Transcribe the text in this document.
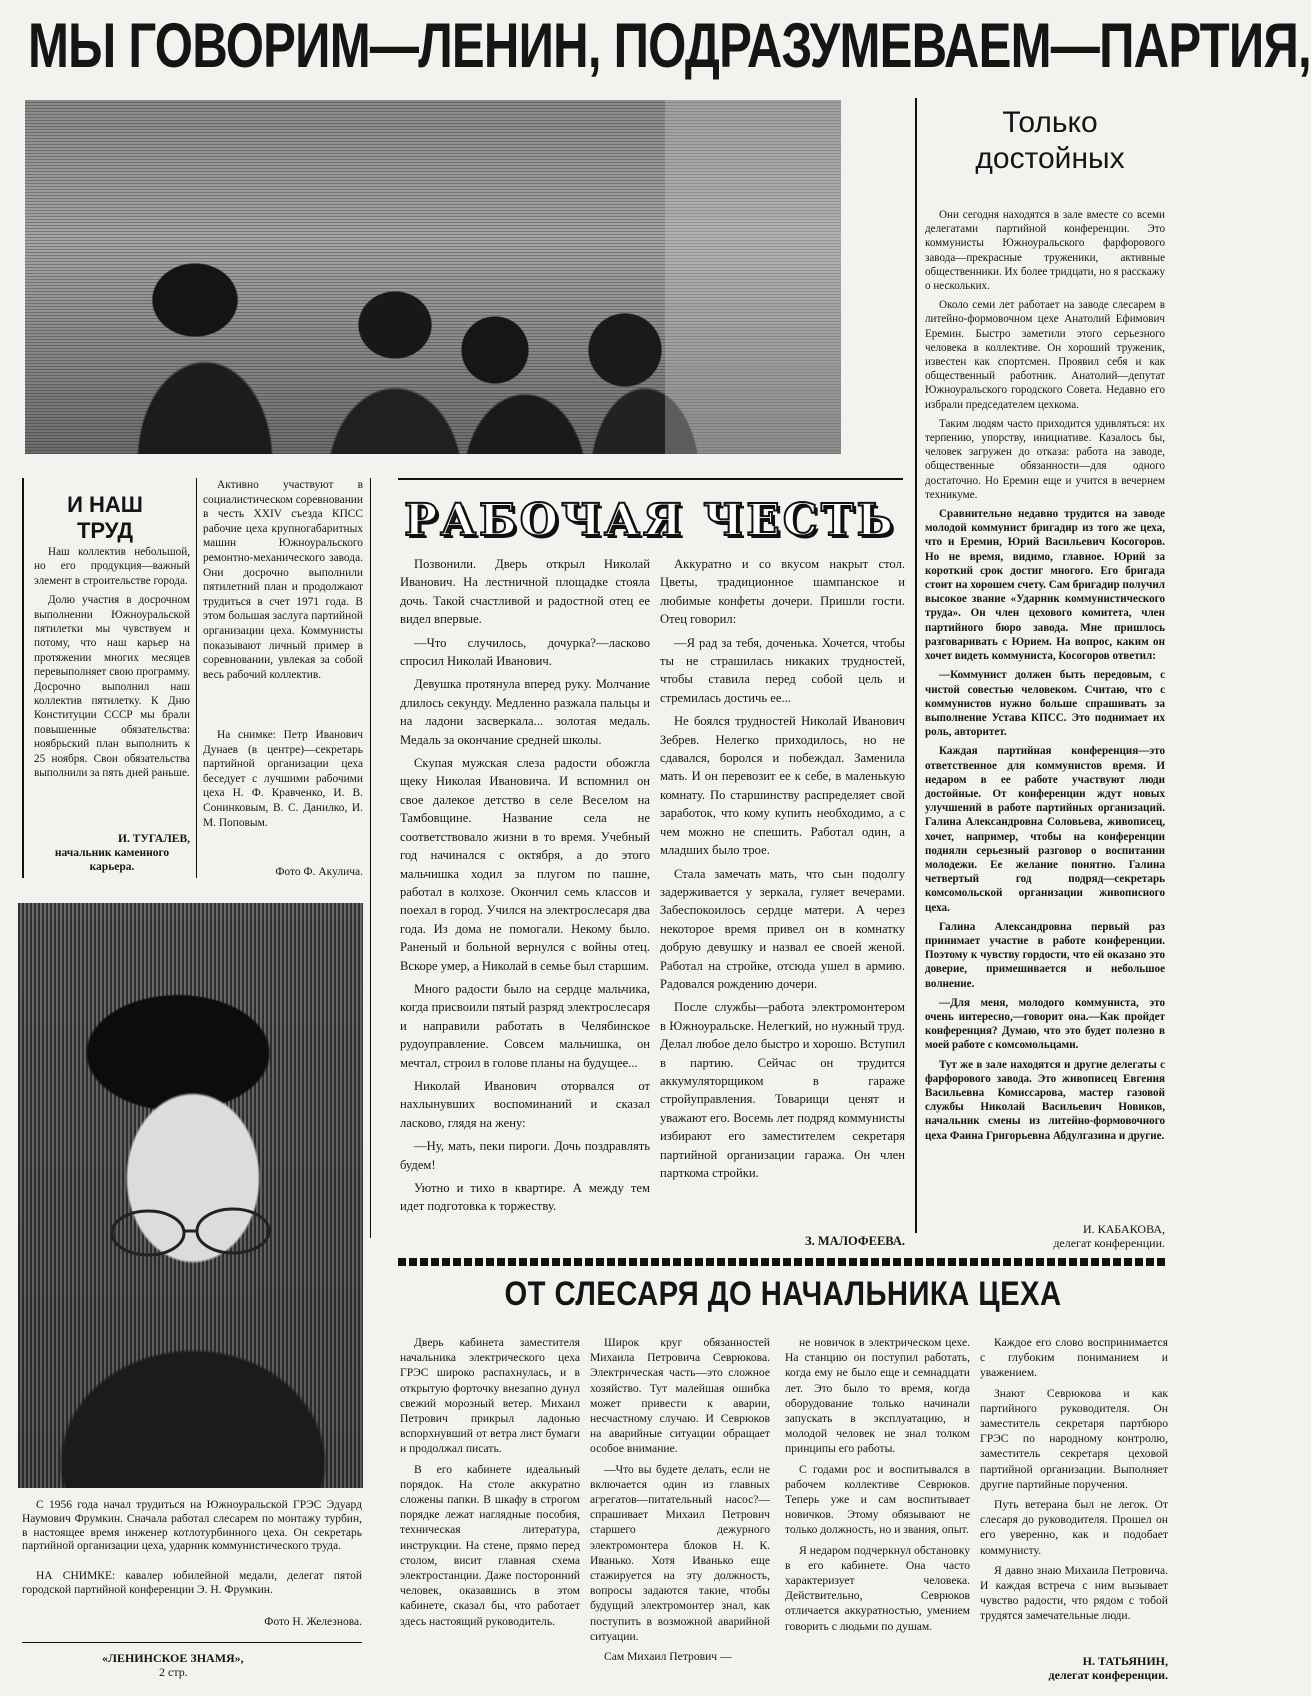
МЫ ГОВОРИМ—ЛЕНИН, ПОДРАЗУМЕВАЕМ—ПАРТИЯ,
Только
достойных

Они сегодня находятся в зале вместе со всеми делегатами партийной конференции. Это коммунисты Южноуральского фарфорового завода—прекрасные труженики, активные общественники. Их более тридцати, но я расскажу о нескольких.

Около семи лет работает на заводе слесарем в литейно-формовочном цехе Анатолий Ефимович Еремин. Быстро заметили этого серьезного человека в коллективе. Он хороший труженик, известен как спортсмен. Проявил себя и как общественный работник. Анатолий—депутат Южноуральского городского Совета. Недавно его избрали председателем цехкома.

Таким людям часто приходится удивляться: их терпению, упорству, инициативе. Казалось бы, человек загружен до отказа: работа на заводе, общественные обязанности—для одного достаточно. Но Еремин еще и учится в вечернем техникуме.

Сравнительно недавно трудится на заводе молодой коммунист бригадир из того же цеха, что и Еремин, Юрий Васильевич Косогоров. Но не время, видимо, главное. Юрий за короткий срок достиг многого. Его бригада стоит на хорошем счету. Сам бригадир получил высокое звание «Ударник коммунистического труда». Он член цехового комитета, член партийного бюро завода. Мне пришлось разговаривать с Юрием. На вопрос, каким он хочет видеть коммуниста, Косогоров ответил:

—Коммунист должен быть передовым, с чистой совестью человеком. Считаю, что с коммунистов нужно больше спрашивать за выполнение Устава КПСС. Это поднимает их роль, авторитет.

Каждая партийная конференция—это ответственное для коммунистов время. И недаром в ее работе участвуют люди достойные. От конференции ждут новых улучшений в работе партийных организаций. Галина Александровна Соловьева, живописец, хочет, например, чтобы на конференции подняли серьезный разговор о воспитании молодежи. Ее желание понятно. Галина четвертый год подряд—секретарь комсомольской организации живописного цеха.

Галина Александровна первый раз принимает участие в работе конференции. Поэтому к чувству гордости, что ей оказано это доверие, примешивается и небольшое волнение.

—Для меня, молодого коммуниста, это очень интересно,—говорит она.—Как пройдет конференция? Думаю, что это будет полезно в моей работе с комсомольцами.

Тут же в зале находятся и другие делегаты с фарфорового завода. Это живописец Евгения Васильевна Комиссарова, мастер газовой службы Николай Васильевич Новиков, начальник смены из литейно-формовочного цеха Фаина Григорьевна Абдулгазина и другие.

И. КАБАКОВА,
делегат конференции.
И НАШ ТРУД

Наш коллектив небольшой, но его продукция—важный элемент в строительстве города.

Долю участия в досрочном выполнении Южноуральской пятилетки мы чувствуем и потому, что наш карьер на протяжении многих месяцев перевыполняет свою программу. Досрочно выполнил наш коллектив пятилетку. К Дню Конституции СССР мы брали повышенные обязательства: ноябрьский план выполнить к 25 ноября. Свои обязательства выполнили за пять дней раньше.

И. ТУГАЛЕВ,
начальник каменного карьера.

Активно участвуют в социалистическом соревновании в честь XXIV съезда КПСС рабочие цеха крупногабаритных машин Южноуральского ремонтно-механического завода. Они досрочно выполнили пятилетний план и продолжают трудиться в счет 1971 года. В этом большая заслуга партийной организации цеха. Коммунисты показывают личный пример в соревновании, увлекая за собой весь рабочий коллектив.

На снимке: Петр Иванович Дунаев (в центре)—секретарь партийной организации цеха беседует с лучшими рабочими цеха Н. Ф. Кравченко, И. В. Сонинковым, В. С. Данилко, И. М. Поповым.

Фото Ф. Акулича.
РАБОЧАЯ ЧЕСТЬ

Позвонили. Дверь открыл Николай Иванович. На лестничной площадке стояла дочь. Такой счастливой и радостной отец ее видел впервые.

—Что случилось, дочурка?—ласково спросил Николай Иванович.

Девушка протянула вперед руку. Молчание длилось секунду. Медленно разжала пальцы и на ладони засверкала... золотая медаль. Медаль за окончание средней школы.

Скупая мужская слеза радости обожгла щеку Николая Ивановича. И вспомнил он свое далекое детство в селе Веселом на Тамбовщине. Название села не соответствовало жизни в то время. Учебный год начинался с октября, а до этого мальчишка ходил за плугом по пашне, работал в колхозе. Окончил семь классов и поехал в город. Учился на электрослесаря два года. Из дома не помогали. Некому было. Раненый и больной вернулся с войны отец. Вскоре умер, а Николай в семье был старшим.

Много радости было на сердце мальчика, когда присвоили пятый разряд электрослесаря и направили работать в Челябинское рудоуправление. Совсем мальчишка, он мечтал, строил в голове планы на будущее...

Николай Иванович оторвался от нахлынувших воспоминаний и сказал ласково, глядя на жену:

—Ну, мать, пеки пироги. Дочь поздравлять будем!

Уютно и тихо в квартире. А между тем идет подготовка к торжеству.

Аккуратно и со вкусом накрыт стол. Цветы, традиционное шампанское и любимые конфеты дочери. Пришли гости. Отец говорил:

—Я рад за тебя, доченька. Хочется, чтобы ты не страшилась никаких трудностей, чтобы ставила перед собой цель и стремилась достичь ее...

Не боялся трудностей Николай Иванович Зебрев. Нелегко приходилось, но не сдавался, боролся и побеждал. Заменила мать. И он перевозит ее к себе, в маленькую комнату. По старшинству распределяет свой заработок, что кому купить необходимо, а с чем можно не спешить. Работал один, а младших было трое.

Стала замечать мать, что сын подолгу задерживается у зеркала, гуляет вечерами. Забеспокоилось сердце матери. А через некоторое время привел он в комнатку добрую девушку и назвал ее своей женой. Работал на стройке, отсюда ушел в армию. Радовался рождению дочери.

После службы—работа электромонтером в Южноуральске. Нелегкий, но нужный труд. Делал любое дело быстро и хорошо. Вступил в партию. Сейчас он трудится аккумуляторщиком в гараже стройуправления. Товарищи ценят и уважают его. Восемь лет подряд коммунисты избирают его заместителем секретаря партийной организации гаража. Он член парткома стройки.

З. МАЛОФЕЕВА.

С 1956 года начал трудиться на Южноуральской ГРЭС Эдуард Наумович Фрумкин. Сначала работал слесарем по монтажу турбин, в настоящее время инженер котлотурбинного цеха. Он секретарь партийной организации цеха, ударник коммунистического труда.

НА СНИМКЕ: кавалер юбилейной медали, делегат пятой городской партийной конференции Э. Н. Фрумкин.
Фото Н. Железнова.
«ЛЕНИНСКОЕ ЗНАМЯ»,
2 стр.
ОТ СЛЕСАРЯ ДО НАЧАЛЬНИКА ЦЕХА

Дверь кабинета заместителя начальника электрического цеха ГРЭС широко распахнулась, и в открытую форточку внезапно дунул свежий морозный ветер. Михаил Петрович прикрыл ладонью вспорхнувший от ветра лист бумаги и продолжал писать.

В его кабинете идеальный порядок. На столе аккуратно сложены папки. В шкафу в строгом порядке лежат наглядные пособия, техническая литература, инструкции. На стене, прямо перед столом, висит главная схема электростанции. Даже посторонний человек, оказавшись в этом кабинете, сказал бы, что работает здесь настоящий руководитель.

Широк круг обязанностей Михаила Петровича Севрюкова. Электрическая часть—это сложное хозяйство. Тут малейшая ошибка может привести к аварии, несчастному случаю. И Севрюков на аварийные ситуации обращает особое внимание.

—Что вы будете делать, если не включается один из главных агрегатов—питательный насос?—спрашивает Михаил Петрович старшего дежурного электромонтера блоков Н. К. Иванько. Хотя Иванько еще стажируется на эту должность, вопросы задаются такие, чтобы будущий электромонтер знал, как поступить в возможной аварийной ситуации.

Сам Михаил Петрович —

не новичок в электрическом цехе. На станцию он поступил работать, когда ему не было еще и семнадцати лет. Это было то время, когда оборудование только начинали запускать в эксплуатацию, и молодой человек не знал толком принципы его работы.

С годами рос и воспитывался в рабочем коллективе Севрюков. Теперь уже и сам воспитывает новичков. Этому обязывают не только должность, но и звания, опыт.

Я недаром подчеркнул обстановку в его кабинете. Она часто характеризует человека. Действительно, Севрюков отличается аккуратностью, умением говорить с людьми по душам.

Каждое его слово воспринимается с глубоким пониманием и уважением.

Знают Севрюкова и как партийного руководителя. Он заместитель секретаря партбюро ГРЭС по народному контролю, заместитель секретаря цеховой партийной организации. Выполняет другие партийные поручения.

Путь ветерана был не легок. От слесаря до руководителя. Прошел он его уверенно, как и подобает коммунисту.

Я давно знаю Михаила Петровича. И каждая встреча с ним вызывает чувство радости, что рядом с тобой трудятся замечательные люди.

Н. ТАТЬЯНИН,
делегат конференции.
